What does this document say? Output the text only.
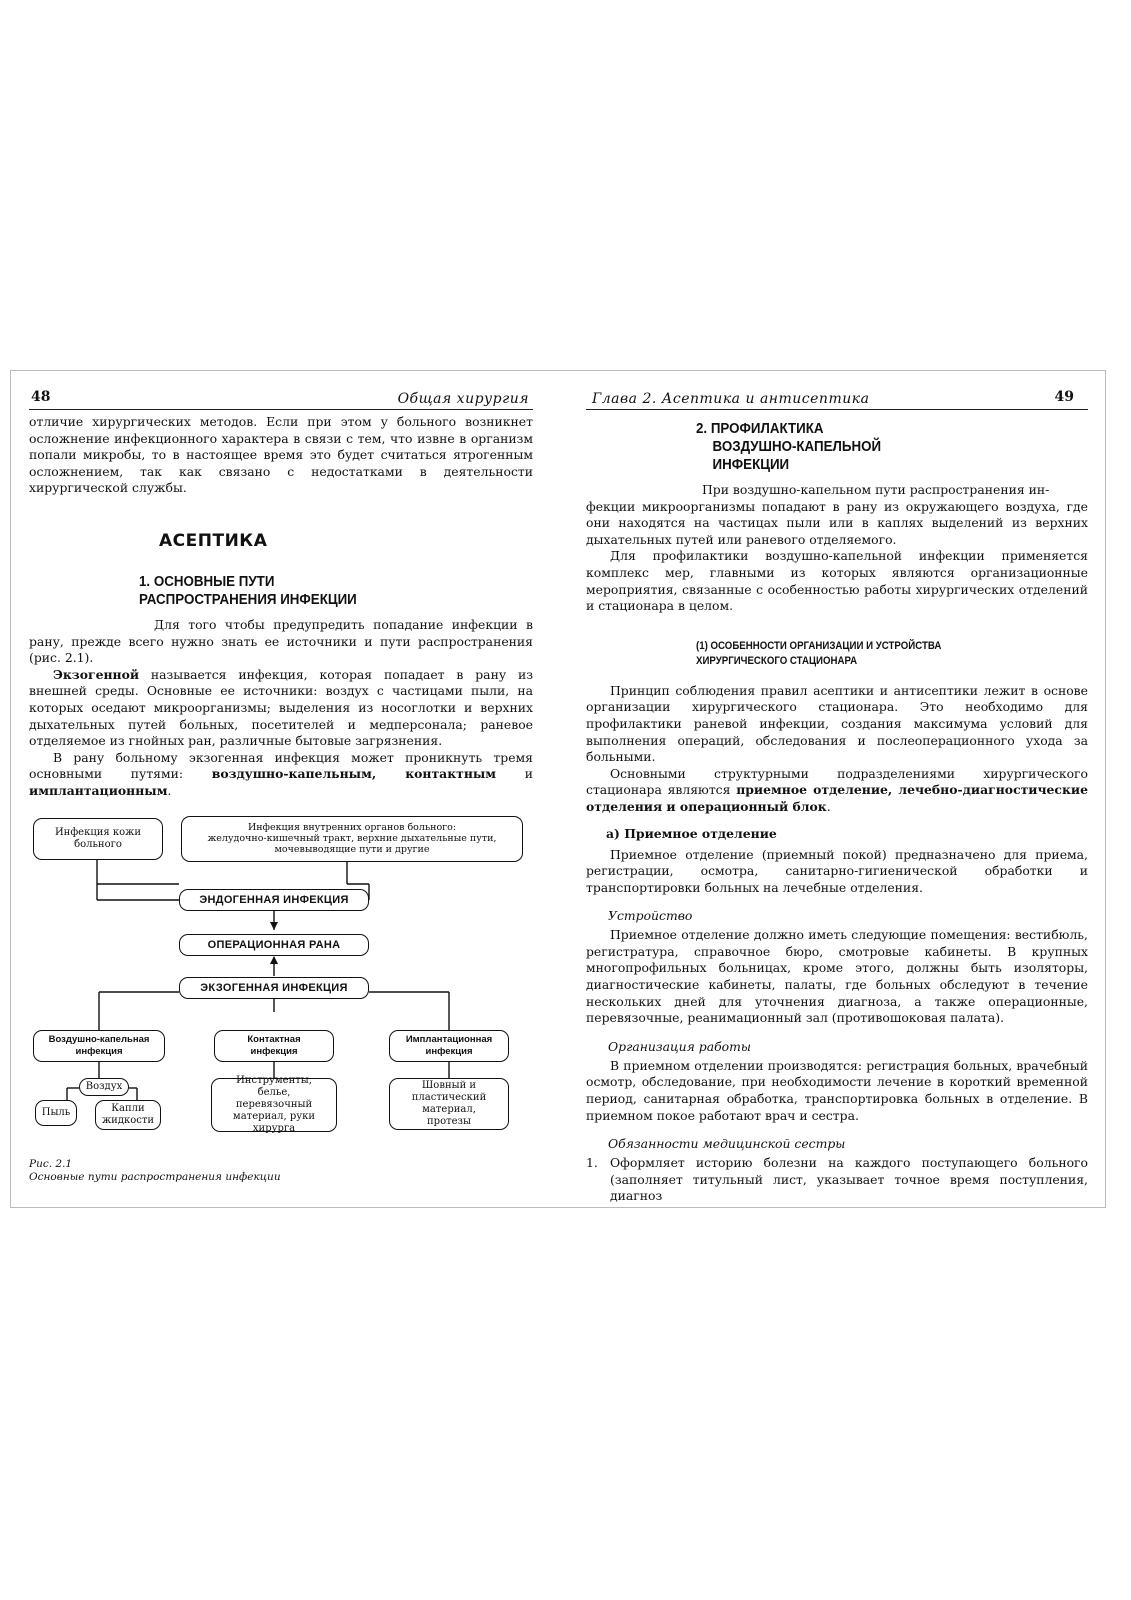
48	Общая хирургия

отличие хирургических методов. Если при этом у больного возникнет осложнение инфекционного характера в связи с тем, что извне в организм попали микробы, то в настоящее время это будет считаться ятрогенным осложнением, так как связано с недостатками в деятельности хирургической службы.

АСЕПТИКА
1. ОСНОВНЫЕ ПУТИ
РАСПРОСТРАНЕНИЯ ИНФЕКЦИИ

Для того чтобы предупредить попадание инфекции в рану, прежде всего нужно знать ее источники и пути распространения (рис. 2.1).

Экзогенной называется инфекция, которая попадает в рану из внешней среды. Основные ее источники: воздух с частицами пыли, на которых оседают микроорганизмы; выделения из носоглотки и верхних дыхательных путей больных, посетителей и медперсонала; раневое отделяемое из гнойных ран, различные бытовые загрязнения.

В рану больному экзогенная инфекция может проникнуть тремя основными путями: воздушно-капельным, контактным и имплантационным.

Инфекция кожи больного
Инфекция внутренних органов больного:
желудочно-кишечный тракт, верхние дыхательные пути, мочевыводящие пути и другие
ЭНДОГЕННАЯ ИНФЕКЦИЯ
ОПЕРАЦИОННАЯ РАНА
ЭКЗОГЕННАЯ ИНФЕКЦИЯ
Воздушно-капельная инфекция
Контактная инфекция
Имплантационная инфекция
Воздух
Пыль	Капли жидкости
Инструменты, белье, перевязочный материал, руки хирурга
Шовный и пластический материал, протезы
Рис. 2.1
Основные пути распространения инфекции
Глава 2. Асептика и антисептика	49
2. ПРОФИЛАКТИКА
ВОЗДУШНО-КАПЕЛЬНОЙ
ИНФЕКЦИИ

При воздушно-капельном пути распространения ин-

фекции микроорганизмы попадают в рану из окружающего воздуха, где они находятся на частицах пыли или в каплях выделений из верхних дыхательных путей или раневого отделяемого.

Для профилактики воздушно-капельной инфекции применяется комплекс мер, главными из которых являются организационные мероприятия, связанные с особенностью работы хирургических отделений и стационара в целом.

(1) ОСОБЕННОСТИ ОРГАНИЗАЦИИ И УСТРОЙСТВА
ХИРУРГИЧЕСКОГО СТАЦИОНАРА

Принцип соблюдения правил асептики и антисептики лежит в основе организации хирургического стационара. Это необходимо для профилактики раневой инфекции, создания максимума условий для выполнения операций, обследования и послеоперационного ухода за больными.

Основными структурными подразделениями хирургического стационара являются приемное отделение, лечебно-диагностические отделения и операционный блок.

а) Приемное отделение

Приемное отделение (приемный покой) предназначено для приема, регистрации, осмотра, санитарно-гигиенической обработки и транспортировки больных на лечебные отделения.

Устройство

Приемное отделение должно иметь следующие помещения: вестибюль, регистратура, справочное бюро, смотровые кабинеты. В крупных многопрофильных больницах, кроме этого, должны быть изоляторы, диагностические кабинеты, палаты, где больных обследуют в течение нескольких дней для уточнения диагноза, а также операционные, перевязочные, реанимационный зал (противошоковая палата).

Организация работы

В приемном отделении производятся: регистрация больных, врачебный осмотр, обследование, при необходимости лечение в короткий временной период, санитарная обработка, транспортировка больных в отделение. В приемном покое работают врач и сестра.

Обязанности медицинской сестры
1. Оформляет историю болезни на каждого поступающего больного (заполняет титульный лист, указывает точное время поступления, диагноз
